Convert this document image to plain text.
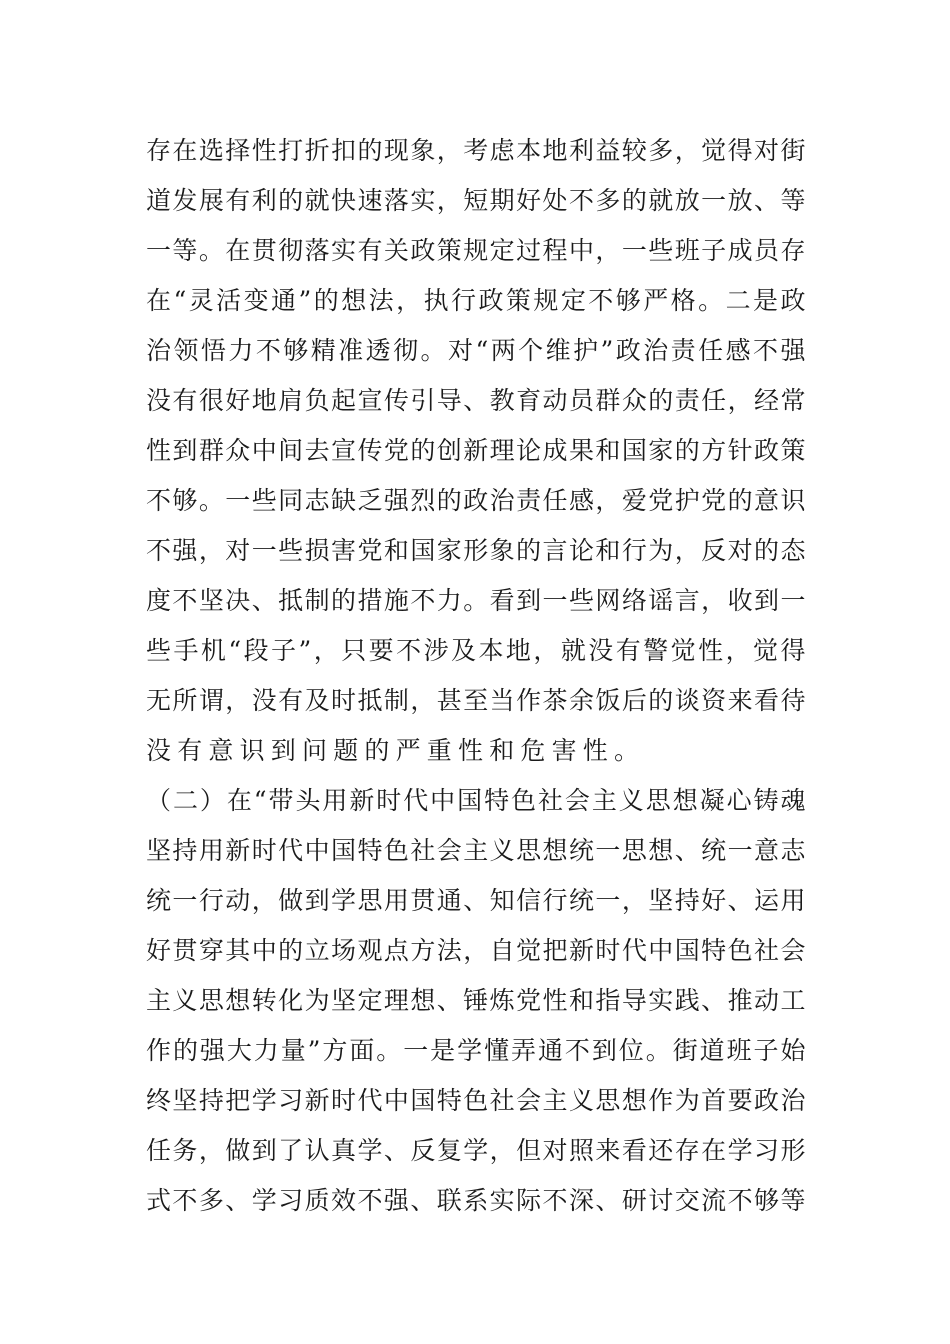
存在选择性打折扣的现象，考虑本地利益较多，觉得对街
道发展有利的就快速落实，短期好处不多的就放一放、等
一等。在贯彻落实有关政策规定过程中，一些班子成员存
在“灵活变通”的想法，执行政策规定不够严格。二是政
治领悟力不够精准透彻。对“两个维护”政治责任感不强
没有很好地肩负起宣传引导、教育动员群众的责任，经常
性到群众中间去宣传党的创新理论成果和国家的方针政策
不够。一些同志缺乏强烈的政治责任感，爱党护党的意识
不强，对一些损害党和国家形象的言论和行为，反对的态
度不坚决、抵制的措施不力。看到一些网络谣言，收到一
些手机“段子”，只要不涉及本地，就没有警觉性，觉得
无所谓，没有及时抵制，甚至当作茶余饭后的谈资来看待
没有意识到问题的严重性和危害性。
（二）在“带头用新时代中国特色社会主义思想凝心铸魂
坚持用新时代中国特色社会主义思想统一思想、统一意志
统一行动，做到学思用贯通、知信行统一，坚持好、运用
好贯穿其中的立场观点方法，自觉把新时代中国特色社会
主义思想转化为坚定理想、锤炼党性和指导实践、推动工
作的强大力量”方面。一是学懂弄通不到位。街道班子始
终坚持把学习新时代中国特色社会主义思想作为首要政治
任务，做到了认真学、反复学，但对照来看还存在学习形
式不多、学习质效不强、联系实际不深、研讨交流不够等
